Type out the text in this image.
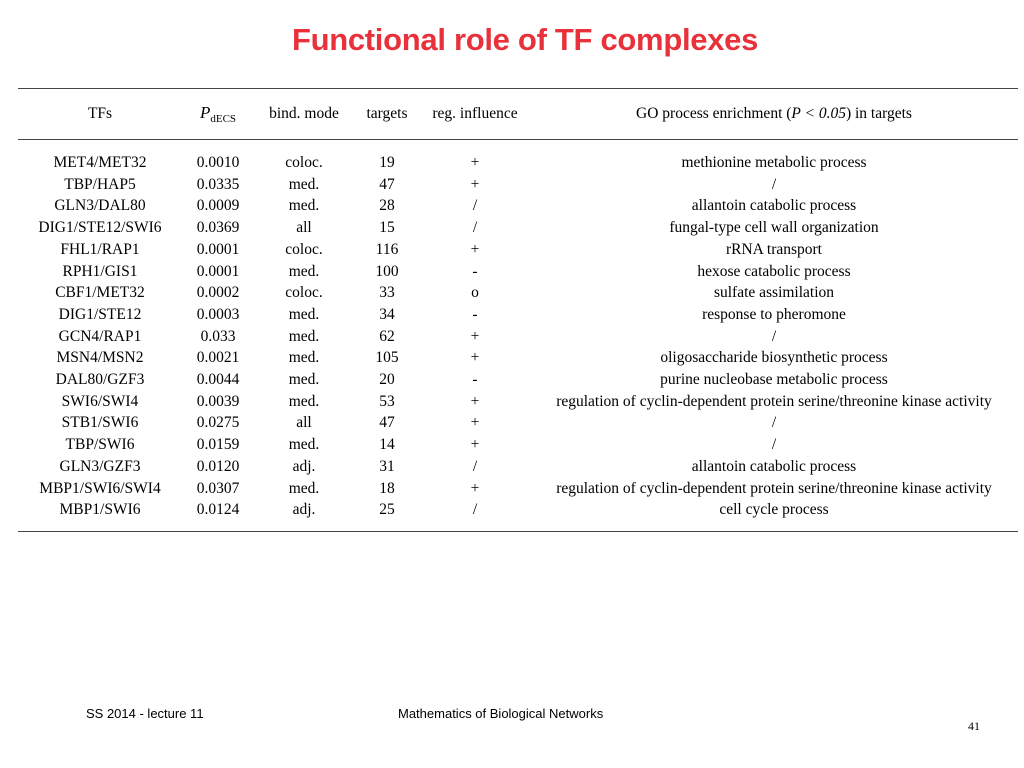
Functional role of TF complexes
TFs	$P_{dECS}$	bind. mode	targets	reg. influence	GO process enrichment (P < 0.05) in targets
MET4/MET32	0.0010	coloc.	19	+	methionine metabolic process
TBP/HAP5	0.0335	med.	47	+	/
GLN3/DAL80	0.0009	med.	28	/	allantoin catabolic process
DIG1/STE12/SWI6	0.0369	all	15	/	fungal-type cell wall organization
FHL1/RAP1	0.0001	coloc.	116	+	rRNA transport
RPH1/GIS1	0.0001	med.	100	-	hexose catabolic process
CBF1/MET32	0.0002	coloc.	33	o	sulfate assimilation
DIG1/STE12	0.0003	med.	34	-	response to pheromone
GCN4/RAP1	0.033	med.	62	+	/
MSN4/MSN2	0.0021	med.	105	+	oligosaccharide biosynthetic process
DAL80/GZF3	0.0044	med.	20	-	purine nucleobase metabolic process
SWI6/SWI4	0.0039	med.	53	+	regulation of cyclin-dependent protein serine/threonine kinase activity
STB1/SWI6	0.0275	all	47	+	/
TBP/SWI6	0.0159	med.	14	+	/
GLN3/GZF3	0.0120	adj.	31	/	allantoin catabolic process
MBP1/SWI6/SWI4	0.0307	med.	18	+	regulation of cyclin-dependent protein serine/threonine kinase activity
MBP1/SWI6	0.0124	adj.	25	/	cell cycle process
SS 2014 - lecture 11	Mathematics of Biological Networks
41
